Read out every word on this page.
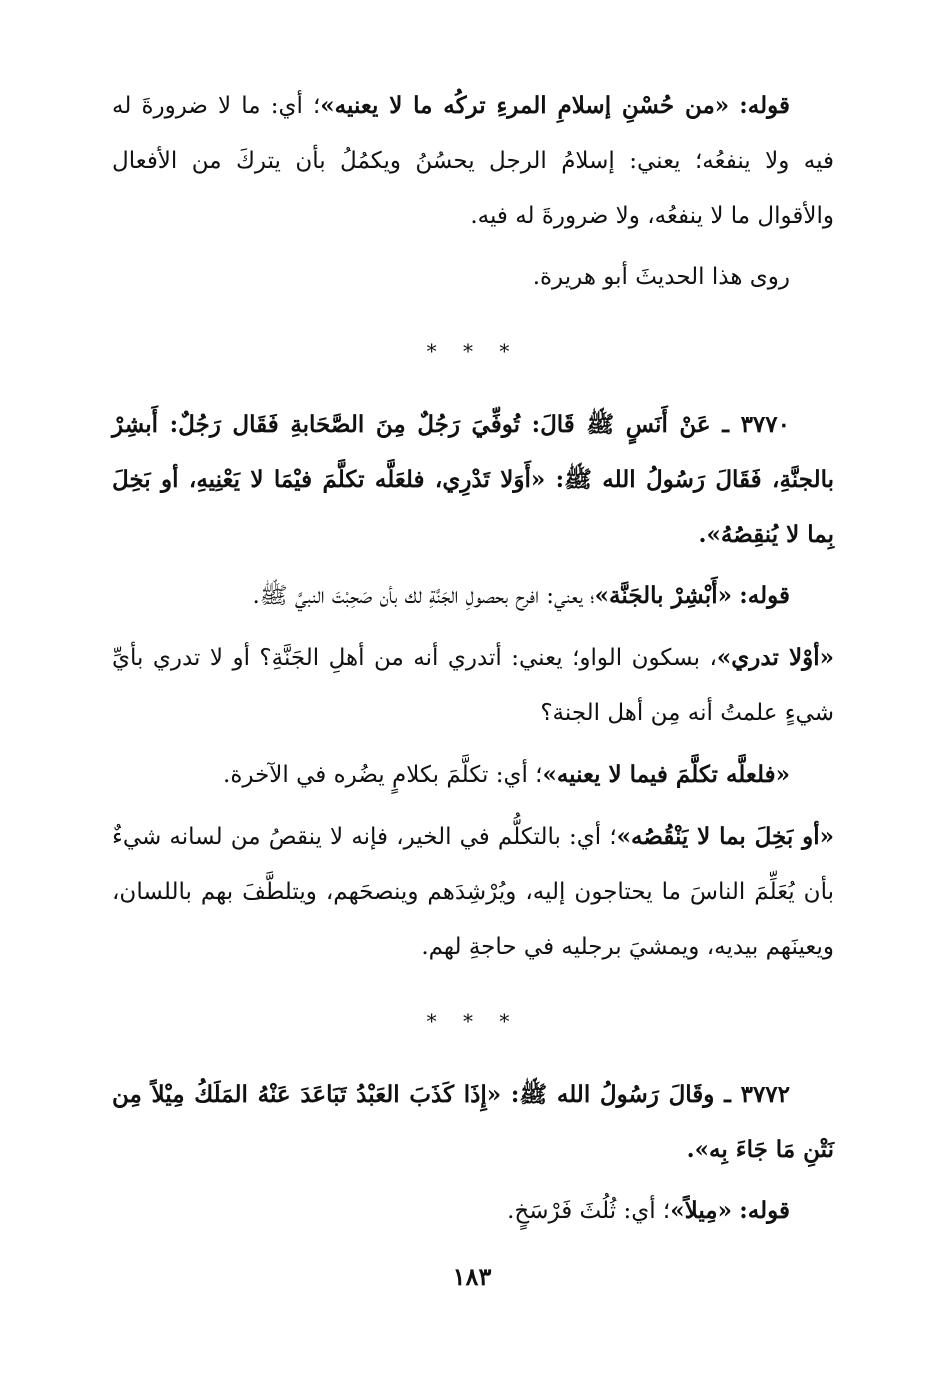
قوله: «من حُسْنِ إسلامِ المرءِ تركُه ما لا يعنيه»؛ أي: ما لا ضرورةَ له فيه ولا ينفعُه؛ يعني: إسلامُ الرجل يحسُنُ ويكمُلُ بأن يتركَ من الأفعال والأقوال ما لا ينفعُه، ولا ضرورةَ له فيه.

روى هذا الحديثَ أبو هريرة.

* * *

٣٧٧٠ ـ عَنْ أَنَسٍ ﷺ قَالَ: تُوفِّيَ رَجُلٌ مِنَ الصَّحَابةِ فَقَال رَجُلٌ: أَبشِرْ بالجنَّةِ، فَقَالَ رَسُولُ الله ﷺ: «أَوَلا تَدْرِي، فلعَلَّه تكلَّمَ فيْمَا لا يَعْنِيهِ، أو بَخِلَ بِما لا يُنقِصُهُ».

قوله: «أَبْشِرْ بالجَنَّة»؛ يعني: افرح بحصولِ الجَنَّةِ لك بأن صَحِبْتَ النبيَّ ﷺ.

«أوْلا تدري»، بسكون الواو؛ يعني: أتدري أنه من أهلِ الجَنَّةِ؟ أو لا تدري بأيِّ شيءٍ علمتُ أنه مِن أهل الجنة؟

«فلعلَّه تكلَّمَ فيما لا يعنيه»؛ أي: تكلَّمَ بكلامٍ يضُره في الآخرة.

«أو بَخِلَ بما لا يَنْقُصُه»؛ أي: بالتكلُّم في الخير، فإنه لا ينقصُ من لسانه شيءٌ بأن يُعَلِّمَ الناسَ ما يحتاجون إليه، ويُرْشِدَهم وينصحَهم، ويتلطَّفَ بهم باللسان، ويعينَهم بيديه، ويمشيَ برجليه في حاجةِ لهم.

* * *

٣٧٧٢ ـ وقَالَ رَسُولُ الله ﷺ: «إِذَا كَذَبَ العَبْدُ تَبَاعَدَ عَنْهُ المَلَكُ مِيْلاً مِن نَتْنِ مَا جَاءَ بِه».

قوله: «مِيلاً»؛ أي: ثُلُثَ فَرْسَخٍ.

١٨٣
